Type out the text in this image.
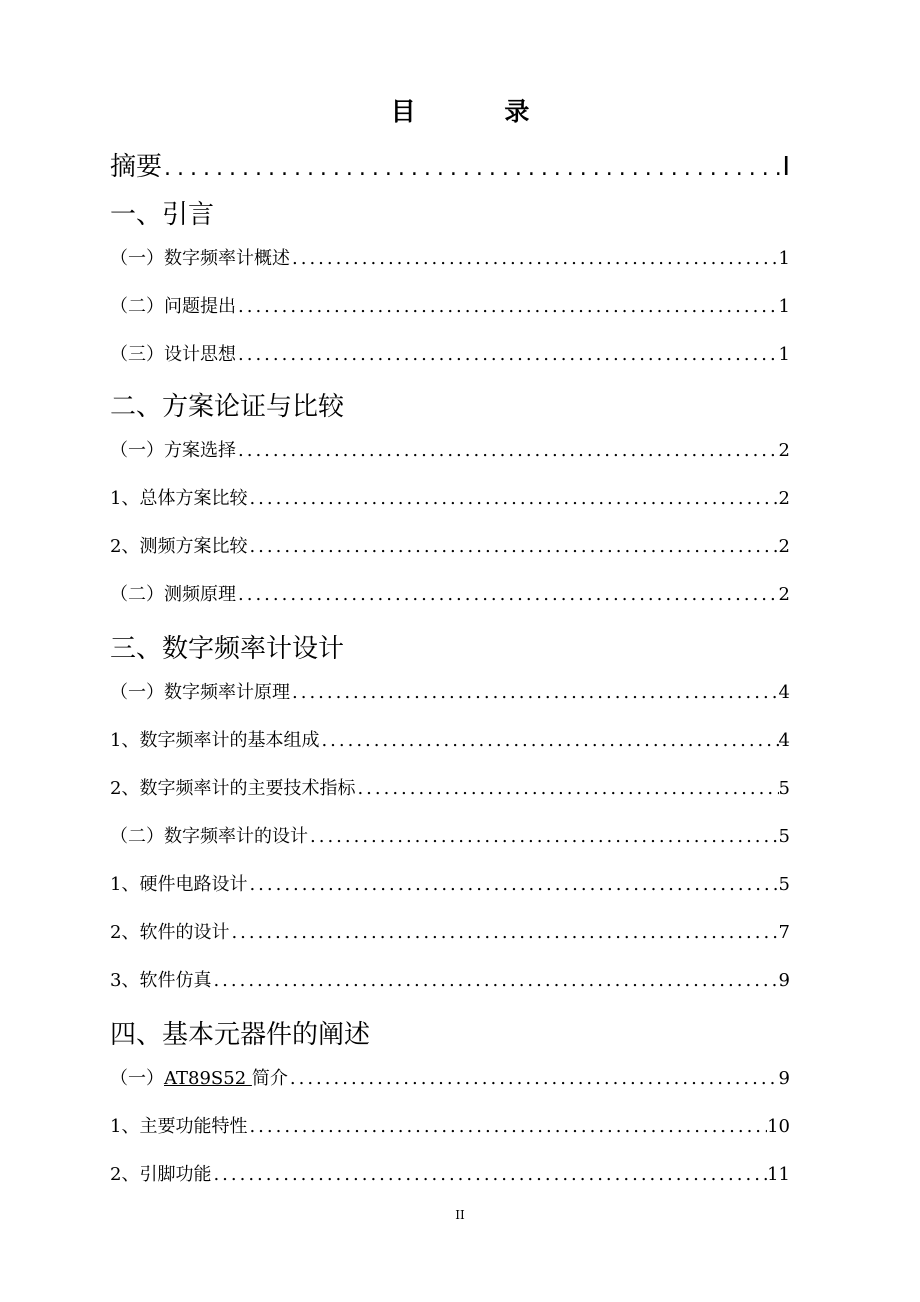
目 录
摘要 .....	I
一、引言
（一）数字频率计概述 .....	1
（二）问题提出 .....	1
（三）设计思想 .....	1
二、方案论证与比较
（一）方案选择 .....	2
1、总体方案比较 .....	2
2、测频方案比较 .....	2
（二）测频原理 .....	2
三、数字频率计设计
（一）数字频率计原理 .....	4
1、数字频率计的基本组成 .....	4
2、数字频率计的主要技术指标 .....	5
（二）数字频率计的设计 .....	5
1、硬件电路设计 .....	5
2、软件的设计 .....	7
3、软件仿真 .....	9
四、基本元器件的阐述
（一）AT89S52 简介 .....	9
1、主要功能特性 .....	10
2、引脚功能 .....	11
II
